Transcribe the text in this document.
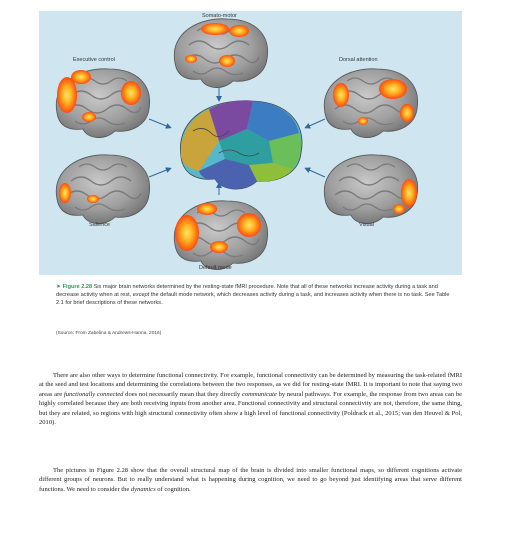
Somato-motor
Executive control	Dorsal attention
Salience	Visual
Default mode
➤ Figure 2.28 Six major brain networks determined by the resting-state fMRI procedure. Note that all of these networks increase activity during a task and decrease activity when at rest, except the default mode network, which decreases activity during a task, and increases activity when there is no task. See Table 2.1 for brief descriptions of these networks.
(Source: From Zabelina & Andrews-Hanna, 2016)

There are also other ways to determine functional connectivity. For example, functional connectivity can be determined by measuring the task-related fMRI at the seed and test locations and determining the correlations between the two responses, as we did for resting-state fMRI. It is important to note that saying two areas are functionally connected does not necessarily mean that they directly communicate by neural pathways. For example, the response from two areas can be highly correlated because they are both receiving inputs from another area. Functional connectivity and structural connectivity are not, therefore, the same thing, but they are related, so regions with high structural connectivity often show a high level of functional connectivity (Poldrack et al., 2015; van den Heuvel & Pol, 2010).

The pictures in Figure 2.28 show that the overall structural map of the brain is divided into smaller functional maps, so different cognitions activate different groups of neurons. But to really understand what is happening during cognition, we need to go beyond just identifying areas that serve different functions. We need to consider the dynamics of cognition.
